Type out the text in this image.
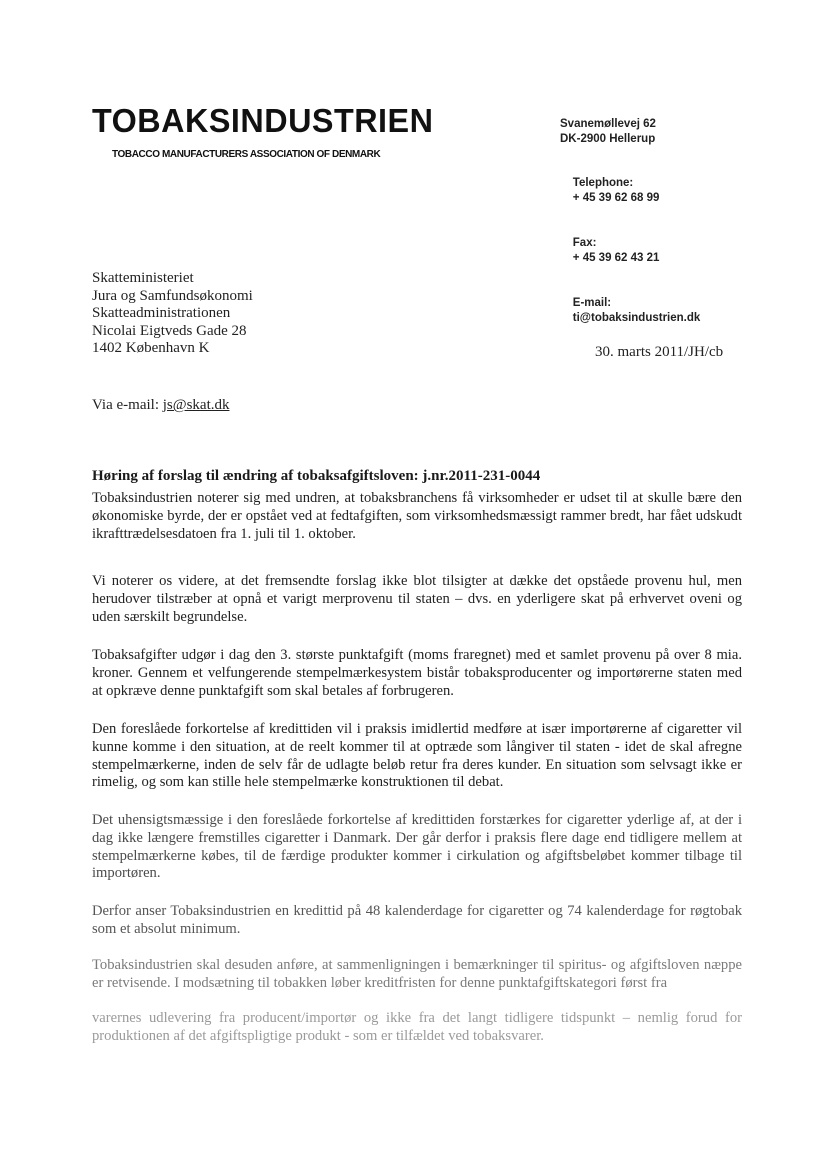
TOBAKSINDUSTRIEN
TOBACCO MANUFACTURERS ASSOCIATION OF DENMARK
Svanemøllevej 62
DK-2900 Hellerup

Telephone:
+ 45 39 62 68 99

Fax:
+ 45 39 62 43 21

E-mail:
ti@tobaksindustrien.dk

Skatteministeriet
Jura og Samfundsøkonomi
Skatteadministrationen
Nicolai Eigtveds Gade 28
1402 København K	30. marts 2011/JH/cb
Via e-mail: js@skat.dk
Høring af forslag til ændring af tobaksafgiftsloven: j.nr.2011-231-0044
Tobaksindustrien noterer sig med undren, at tobaksbranchens få virksomheder er udset til at skulle bære den økonomiske byrde, der er opstået ved at fedtafgiften, som virksomhedsmæssigt rammer bredt, har fået udskudt ikrafttrædelsesdatoen fra 1. juli til 1. oktober.
Vi noterer os videre, at det fremsendte forslag ikke blot tilsigter at dække det opståede provenu hul, men herudover tilstræber at opnå et varigt merprovenu til staten – dvs. en yderligere skat på erhvervet oveni og uden særskilt begrundelse.
Tobaksafgifter udgør i dag den 3. største punktafgift (moms fraregnet) med et samlet provenu på over 8 mia. kroner. Gennem et velfungerende stempelmærkesystem bistår tobaksproducenter og importørerne staten med at opkræve denne punktafgift som skal betales af forbrugeren.
Den foreslåede forkortelse af kredittiden vil i praksis imidlertid medføre at især importørerne af cigaretter vil kunne komme i den situation, at de reelt kommer til at optræde som långiver til staten - idet de skal afregne stempelmærkerne, inden de selv får de udlagte beløb retur fra deres kunder. En situation som selvsagt ikke er rimelig, og som kan stille hele stempelmærke konstruktionen til debat.
Det uhensigtsmæssige i den foreslåede forkortelse af kredittiden forstærkes for cigaretter yderlige af, at der i dag ikke længere fremstilles cigaretter i Danmark. Der går derfor i praksis flere dage end tidligere mellem at stempelmærkerne købes, til de færdige produkter kommer i cirkulation og afgiftsbeløbet kommer tilbage til importøren.
Derfor anser Tobaksindustrien en kredittid på 48 kalenderdage for cigaretter og 74 kalenderdage for røgtobak som et absolut minimum.
Tobaksindustrien skal desuden anføre, at sammenligningen i bemærkninger til spiritus- og afgiftsloven næppe er retvisende. I modsætning til tobakken løber kreditfristen for denne punktafgiftskategori først fra
varernes udlevering fra producent/importør og ikke fra det langt tidligere tidspunkt – nemlig forud for produktionen af det afgiftspligtige produkt - som er tilfældet ved tobaksvarer.
